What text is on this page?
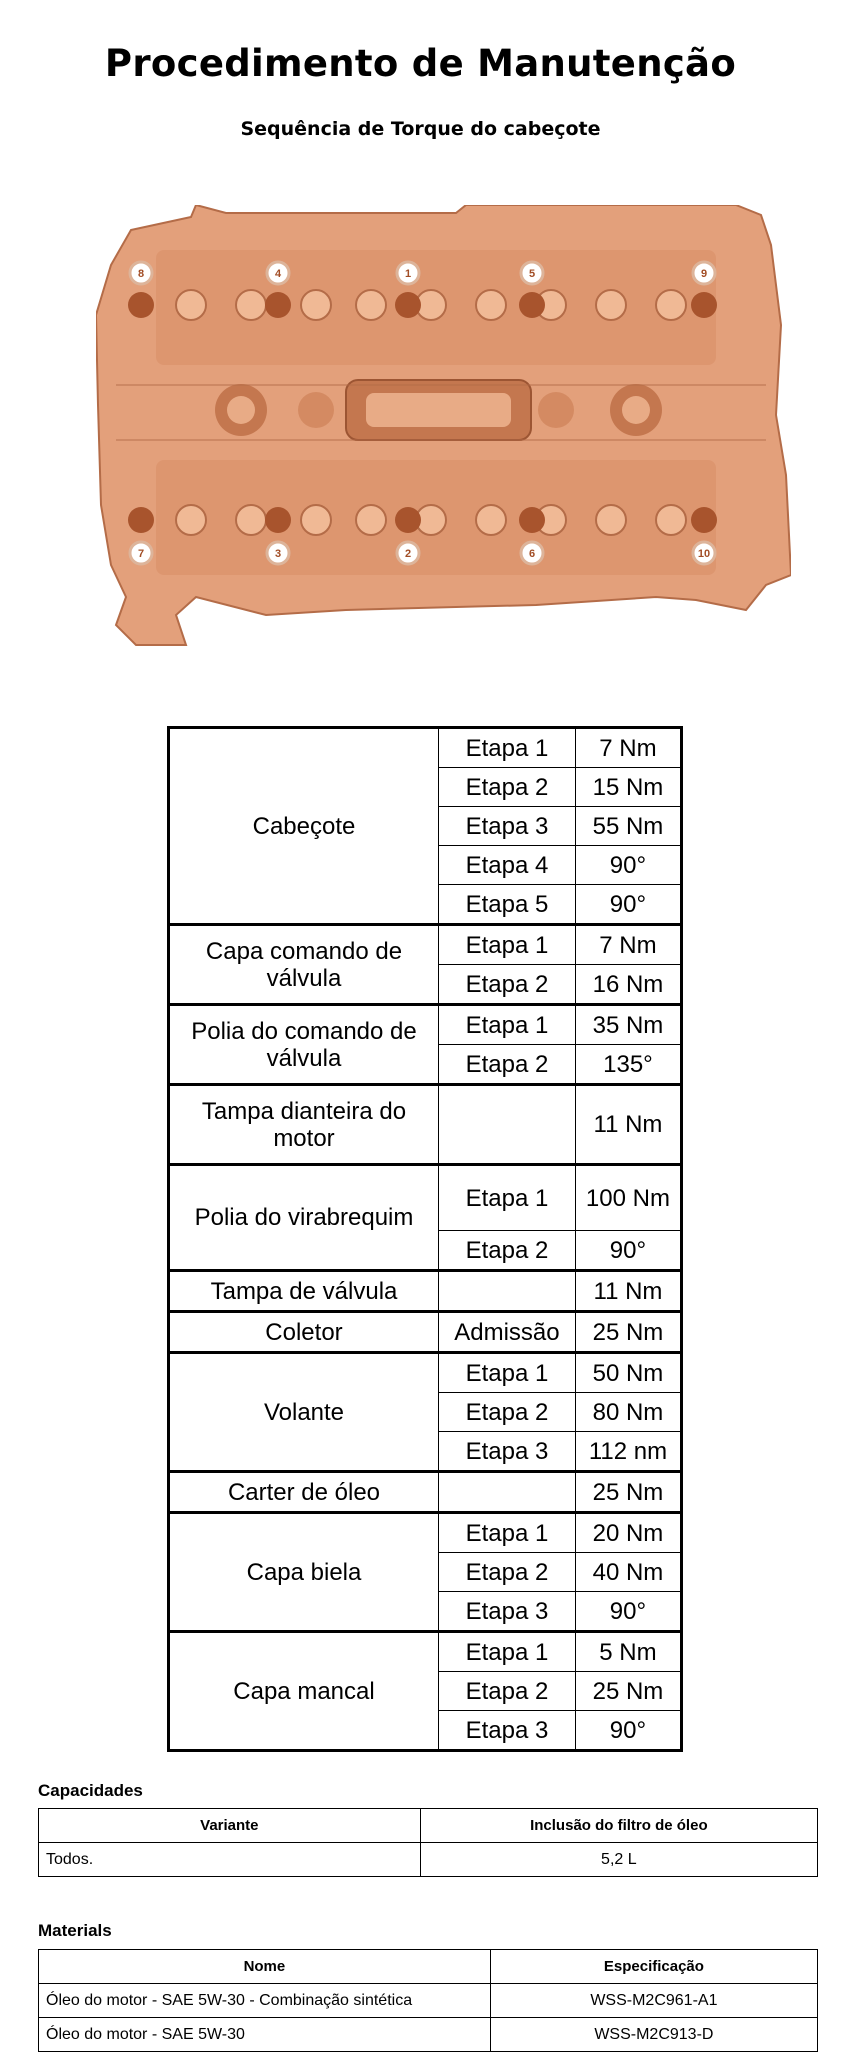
Procedimento de Manutenção
Sequência de Torque do cabeçote
1
2
3
4	5
6
7
8	9
10
Cabeçote	Etapa 1	7 Nm
	Etapa 2	15 Nm
	Etapa 3	55 Nm
	Etapa 4	90°
	Etapa 5	90°
Capa comando de válvula	Etapa 1	7 Nm
	Etapa 2	16 Nm
Polia do comando de válvula	Etapa 1	35 Nm
	Etapa 2	135°
Tampa dianteira do motor		11 Nm
Polia do virabrequim	Etapa 1	100 Nm
	Etapa 2	90°
Tampa de válvula		11 Nm
Coletor	Admissão	25 Nm
Volante	Etapa 1	50 Nm
	Etapa 2	80 Nm
	Etapa 3	112 nm
Carter de óleo		25 Nm
Capa biela	Etapa 1	20 Nm
	Etapa 2	40 Nm
	Etapa 3	90°
Capa mancal	Etapa 1	5 Nm
	Etapa 2	25 Nm
	Etapa 3	90°
Capacidades
Variante	Inclusão do filtro de óleo
Todos.	5,2 L
Materials
Nome	Especificação
Óleo do motor - SAE 5W-30 - Combinação sintética	WSS-M2C961-A1
Óleo do motor - SAE 5W-30	WSS-M2C913-D
